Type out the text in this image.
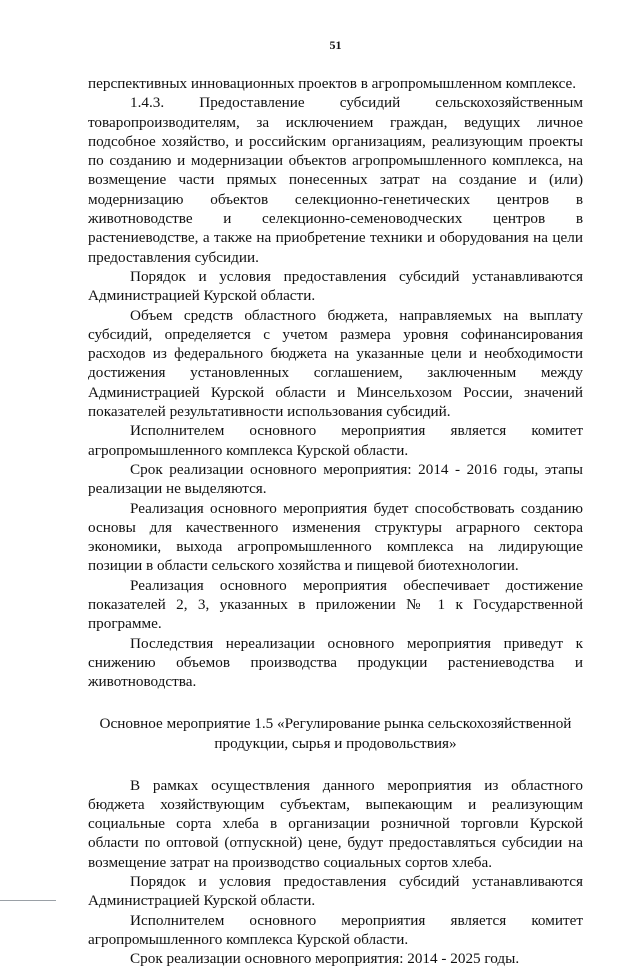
51

перспективных инновационных проектов в агропромышленном комплексе.

1.4.3. Предоставление субсидий сельскохозяйственным товаропроизводителям, за исключением граждан, ведущих личное подсобное хозяйство, и российским организациям, реализующим проекты по созданию и модернизации объектов агропромышленного комплекса, на возмещение части прямых понесенных затрат на создание и (или) модернизацию объектов селекционно-генетических центров в животноводстве и селекционно-семеноводческих центров в растениеводстве, а также на приобретение техники и оборудования на цели предоставления субсидии.

Порядок и условия предоставления субсидий устанавливаются Администрацией Курской области.

Объем средств областного бюджета, направляемых на выплату субсидий, определяется с учетом размера уровня софинансирования расходов из федерального бюджета на указанные цели и необходимости достижения установленных соглашением, заключенным между Администрацией Курской области и Минсельхозом России, значений показателей результативности использования субсидий.

Исполнителем основного мероприятия является комитет агропромышленного комплекса Курской области.

Срок реализации основного мероприятия: 2014 - 2016 годы, этапы реализации не выделяются.

Реализация основного мероприятия будет способствовать созданию основы для качественного изменения структуры аграрного сектора экономики, выхода агропромышленного комплекса на лидирующие позиции в области сельского хозяйства и пищевой биотехнологии.

Реализация основного мероприятия обеспечивает достижение показателей 2, 3, указанных в приложении № 1 к Государственной программе.

Последствия нереализации основного мероприятия приведут к снижению объемов производства продукции растениеводства и животноводства.

Основное мероприятие 1.5 «Регулирование рынка сельскохозяйственной
продукции, сырья и продовольствия»

В рамках осуществления данного мероприятия из областного бюджета хозяйствующим субъектам, выпекающим и реализующим социальные сорта хлеба в организации розничной торговли Курской области по оптовой (отпускной) цене, будут предоставляться субсидии на возмещение затрат на производство социальных сортов хлеба.

Порядок и условия предоставления субсидий устанавливаются Администрацией Курской области.

Исполнителем основного мероприятия является комитет агропромышленного комплекса Курской области.

Срок реализации основного мероприятия: 2014 - 2025 годы.
